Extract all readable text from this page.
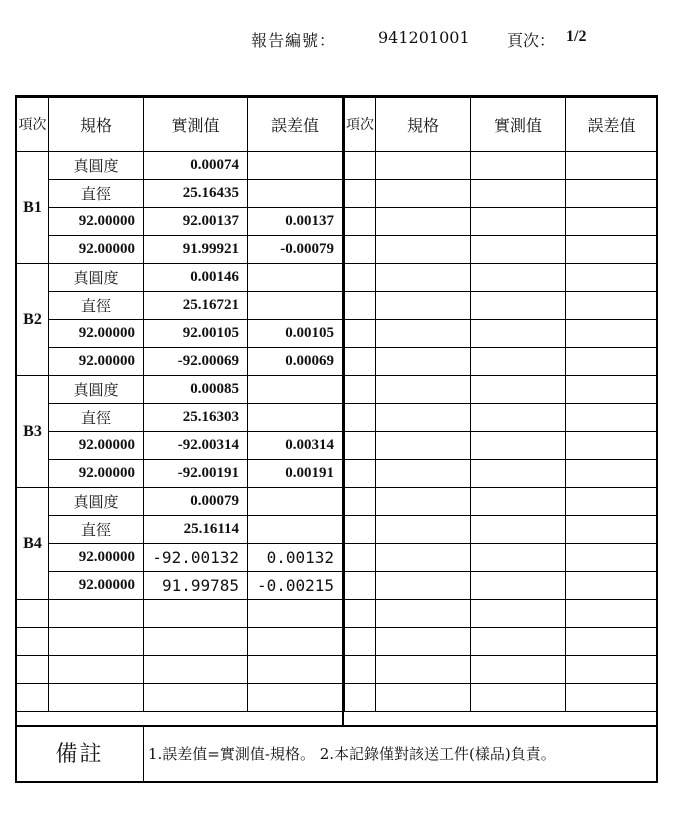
報告編號：	941201001 頁次： 1/2
項次	規格	實測值	誤差值
B1	真圓度	0.00074	
	直徑	25.16435	
	92.00000	92.00137	0.00137
	92.00000	91.99921	-0.00079
B2	真圓度	0.00146	
	直徑	25.16721	
	92.00000	92.00105	0.00105
	92.00000	-92.00069	0.00069
B3	真圓度	0.00085	
	直徑	25.16303	
	92.00000	-92.00314	0.00314
	92.00000	-92.00191	0.00191
B4	真圓度	0.00079	
	直徑	25.16114	
	92.00000	-92.00132	0.00132
	92.00000	91.99785	-0.00215

項次	規格	實測值	誤差值

備註	1.誤差值=實測值-規格。 2.本記錄僅對該送工件(樣品)負責。
